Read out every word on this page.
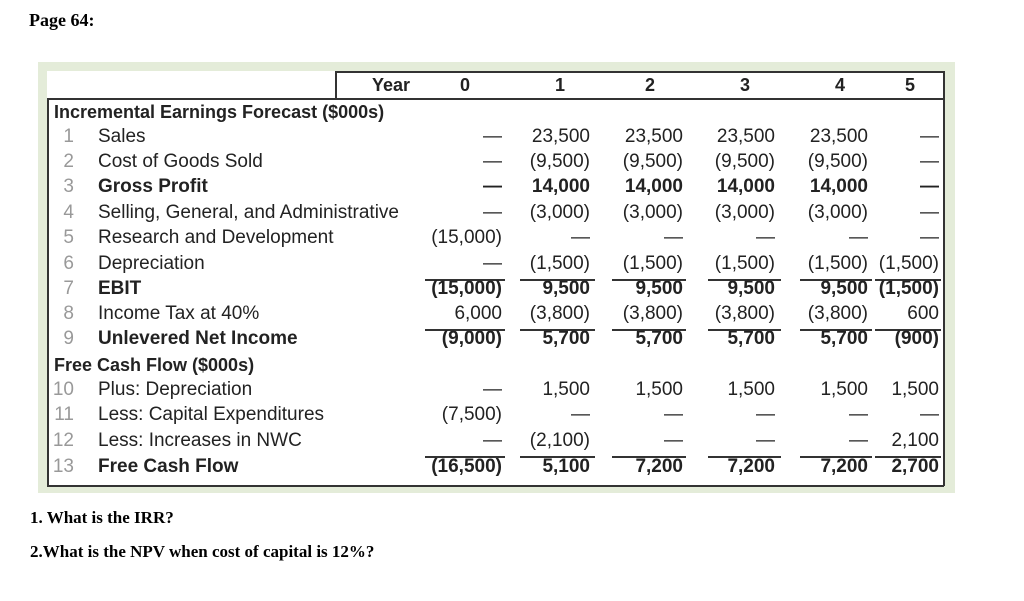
Page 64:
Year	0	1	2	3	4	5
Incremental Earnings Forecast ($000s)
Free Cash Flow ($000s)
1 Sales	—	23,500	23,500	23,500	23,500	—
2 Cost of Goods Sold	—	(9,500)	(9,500)	(9,500)	(9,500)	—
3 Gross Profit	—	14,000	14,000	14,000	14,000	—
4 Selling, General, and Administrative	—	(3,000)	(3,000)	(3,000)	(3,000)	—
5 Research and Development	(15,000)	—	—	—	—	—
6 Depreciation	—	(1,500)	(1,500)	(1,500)	(1,500) (1,500)
7 EBIT	(15,000)	9,500	9,500	9,500	9,500 (1,500)
8 Income Tax at 40%	6,000	(3,800)	(3,800)	(3,800)	(3,800)	600
9 Unlevered Net Income	(9,000)	5,700	5,700	5,700	5,700	(900)
10 Plus: Depreciation	—	1,500	1,500	1,500	1,500	1,500
11 Less: Capital Expenditures	(7,500)	—	—	—	—	—
12 Less: Increases in NWC	—	(2,100)	—	—	—	2,100
13 Free Cash Flow	(16,500)	5,100	7,200	7,200	7,200	2,700
1. What is the IRR?
2.What is the NPV when cost of capital is 12%?
